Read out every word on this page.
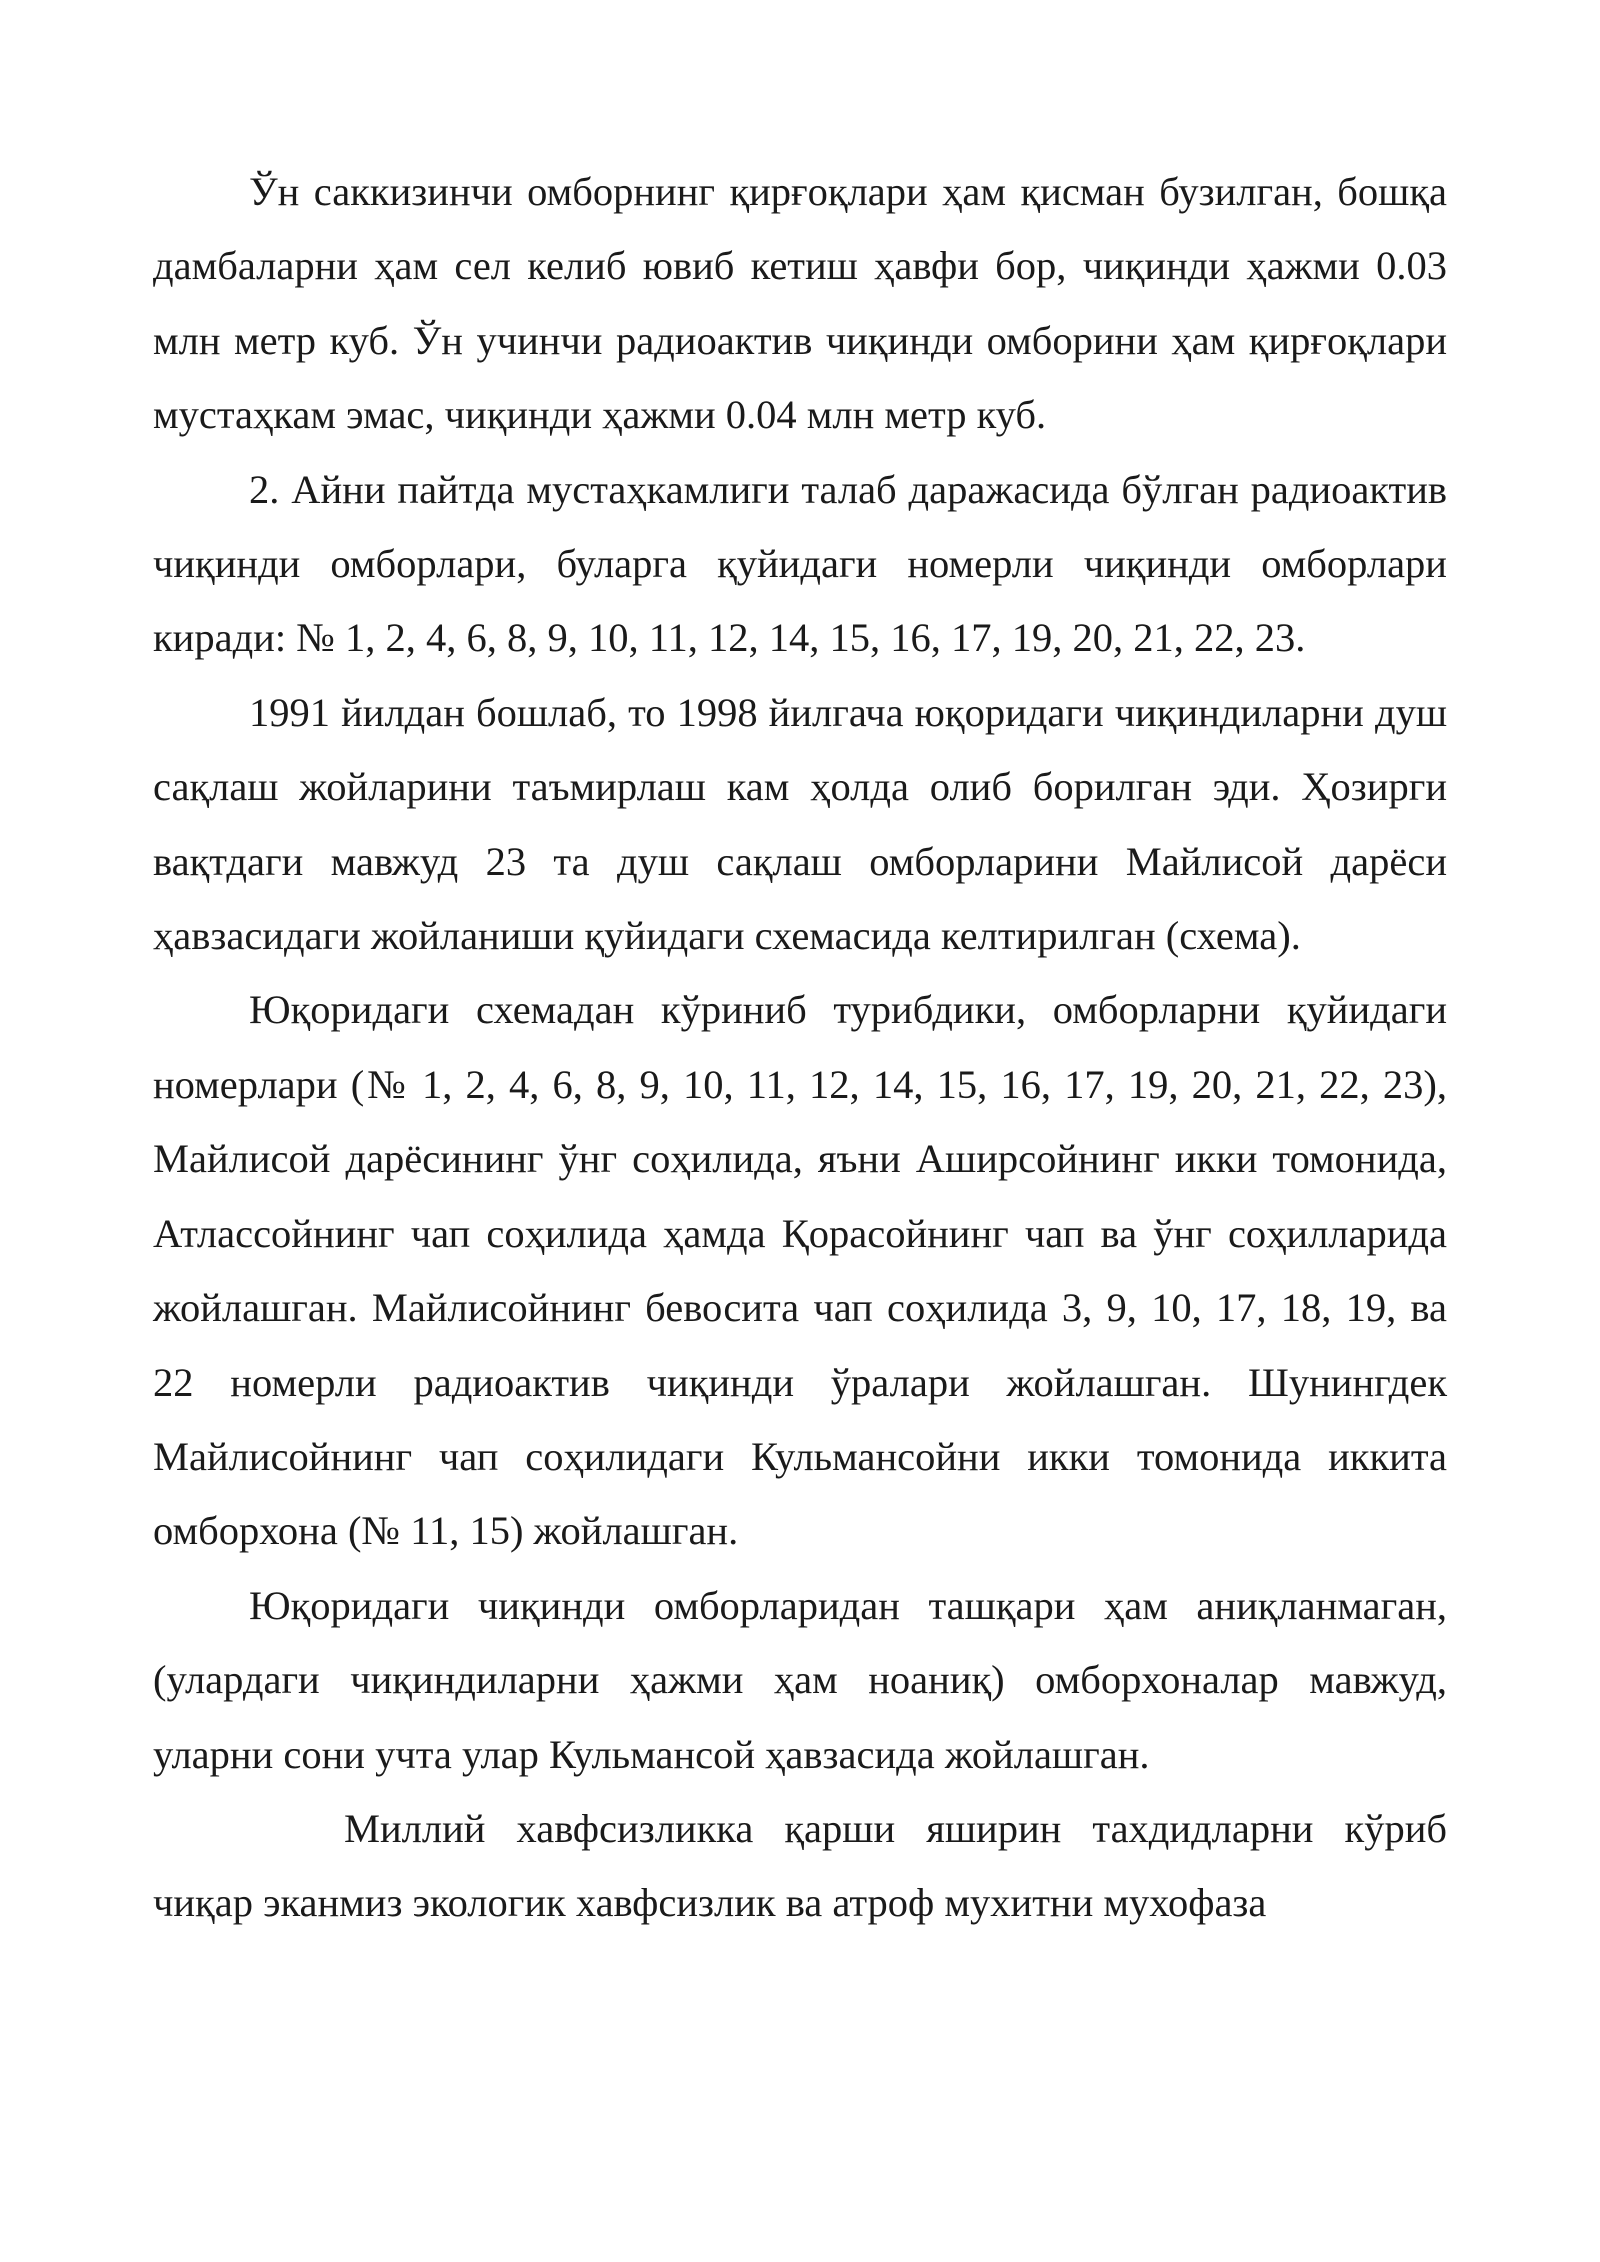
Ўн саккизинчи омборнинг қирғоқлари ҳам қисман бузилган, бошқа дамбаларни ҳам сел келиб ювиб кетиш ҳавфи бор, чиқинди ҳажми 0.03 млн метр куб. Ўн учинчи радиоактив чиқинди омборини ҳам қирғоқлари мустаҳкам эмас, чиқинди ҳажми 0.04 млн метр куб.

2. Айни пайтда мустаҳкамлиги талаб даражасида бўлган радиоактив чиқинди омборлари, буларга қуйидаги номерли чиқинди омборлари киради: № 1, 2, 4, 6, 8, 9, 10, 11, 12, 14, 15, 16, 17, 19, 20, 21, 22, 23.

1991 йилдан бошлаб, то 1998 йилгача юқоридаги чиқиндиларни душ сақлаш жойларини таъмирлаш кам ҳолда олиб борилган эди. Ҳозирги вақтдаги мавжуд 23 та душ сақлаш омборларини Майлисой дарёси ҳавзасидаги жойланиши қуйидаги схемасида келтирилган (схема).

Юқоридаги схемадан кўриниб турибдики, омборларни қуйидаги номерлари (№ 1, 2, 4, 6, 8, 9, 10, 11, 12, 14, 15, 16, 17, 19, 20, 21, 22, 23), Майлисой дарёсининг ўнг соҳилида, яъни Аширсойнинг икки томонида, Атлассойнинг чап соҳилида ҳамда Қорасойнинг чап ва ўнг соҳилларида жойлашган. Майлисойнинг бевосита чап соҳилида 3, 9, 10, 17, 18, 19, ва 22 номерли радиоактив чиқинди ўралари жойлашган. Шунингдек Майлисойнинг чап соҳилидаги Кульмансойни икки томонида иккита омборхона (№ 11, 15) жойлашган.

Юқоридаги чиқинди омборларидан ташқари ҳам аниқланмаган, (улардаги чиқиндиларни ҳажми ҳам ноаниқ) омборхоналар мавжуд, уларни сони учта улар Кульмансой ҳавзасида жойлашган.

Миллий хавфсизликка қарши яширин тахдидларни кўриб чиқар эканмиз экологик хавфсизлик ва атроф мухитни мухофаза
